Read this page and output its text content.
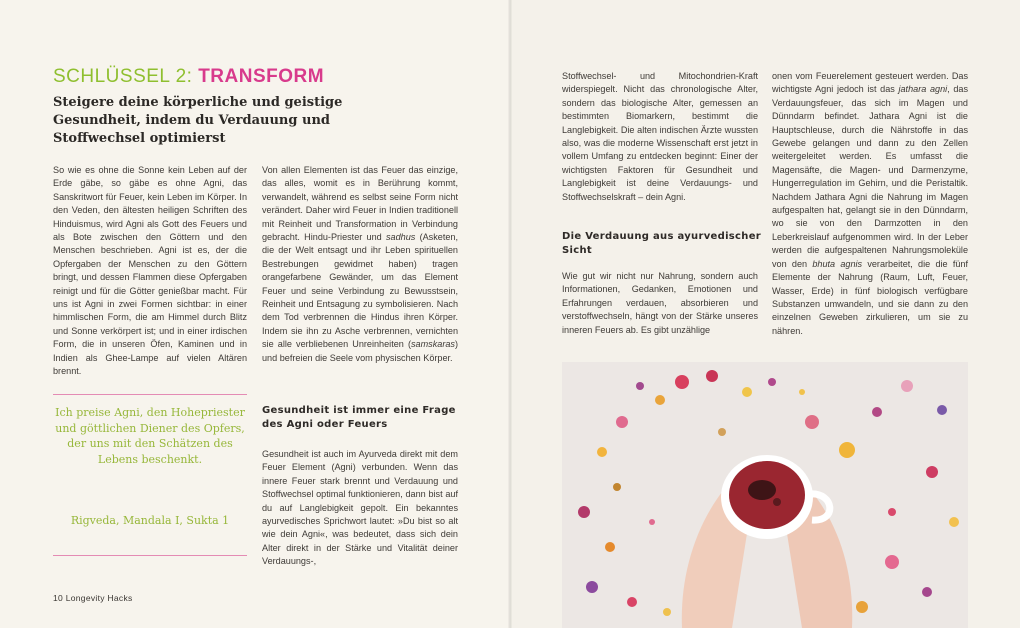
SCHLÜSSEL 2: TRANSFORM
Steigere deine körperliche und geistige Gesundheit, indem du Verdauung und Stoffwechsel optimierst

So wie es ohne die Sonne kein Leben auf der Erde gäbe, so gäbe es ohne Agni, das Sanskritwort für Feuer, kein Leben im Körper. In den Veden, den ältesten heiligen Schriften des Hinduismus, wird Agni als Gott des Feuers und als Bote zwischen den Göttern und den Menschen beschrieben. Agni ist es, der die Opfergaben der Menschen zu den Göttern bringt, und dessen Flammen diese Opfergaben reinigt und für die Götter genießbar macht. Für uns ist Agni in zwei Formen sichtbar: in einer himmlischen Form, die am Himmel durch Blitz und Sonne verkörpert ist; und in einer irdischen Form, die in unseren Öfen, Kaminen und in Indien als Ghee-Lampe auf vielen Altären brennt.

Von allen Elementen ist das Feuer das einzige, das alles, womit es in Berührung kommt, verwandelt, während es selbst seine Form nicht verändert. Daher wird Feuer in Indien traditionell mit Reinheit und Transformation in Verbindung gebracht. Hindu-Priester und sadhus (Asketen, die der Welt entsagt und ihr Leben spirituellen Bestrebungen gewidmet haben) tragen orangefarbene Gewänder, um das Element Feuer und seine Verbindung zu Bewusstsein, Reinheit und Entsagung zu symbolisieren. Nach dem Tod verbrennen die Hindus ihren Körper. Indem sie ihn zu Asche verbrennen, vernichten sie alle verbliebenen Unreinheiten (samskaras) und befreien die Seele vom physischen Körper.

Gesundheit ist immer eine Frage des Agni oder Feuers

Gesundheit ist auch im Ayurveda direkt mit dem Feuer Element (Agni) verbunden. Wenn das innere Feuer stark brennt und Verdauung und Stoffwechsel optimal funktionieren, dann bist auf du auf Langlebigkeit gepolt. Ein bekanntes ayurvedisches Sprichwort lautet: »Du bist so alt wie dein Agni«, was bedeutet, dass sich dein Alter direkt in der Stärke und Vitalität deiner Verdauungs-,

Ich preise Agni, den Hohepriester und göttlichen Diener des Opfers, der uns mit den Schätzen des Lebens beschenkt.
Rigveda, Mandala I, Sukta 1
10 Longevity Hacks

Stoffwechsel- und Mitochondrien-Kraft widerspiegelt. Nicht das chronologische Alter, sondern das biologische Alter, gemessen an bestimmten Biomarkern, bestimmt die Langlebigkeit. Die alten indischen Ärzte wussten also, was die moderne Wissenschaft erst jetzt in vollem Umfang zu entdecken beginnt: Einer der wichtigsten Faktoren für Gesundheit und Langlebigkeit ist deine Verdauungs- und Stoffwechselskraft – dein Agni.

Die Verdauung aus ayurvedischer Sicht

Wie gut wir nicht nur Nahrung, sondern auch Informationen, Gedanken, Emotionen und Erfahrungen verdauen, absorbieren und verstoffwechseln, hängt von der Stärke unseres inneren Feuers ab. Es gibt unzählige

onen vom Feuerelement gesteuert werden. Das wichtigste Agni jedoch ist das jathara agni, das Verdauungsfeuer, das sich im Magen und Dünndarm befindet. Jathara Agni ist die Hauptschleuse, durch die Nährstoffe in das Gewebe gelangen und dann zu den Zellen weitergeleitet werden. Es umfasst die Magensäfte, die Magen- und Darmenzyme, Hungerregulation im Gehirn, und die Peristaltik. Nachdem Jathara Agni die Nahrung im Magen aufgespalten hat, gelangt sie in den Dünndarm, wo sie von den Darmzotten in den Leberkreislauf aufgenommen wird. In der Leber werden die aufgespaltenen Nahrungsmoleküle von den bhuta agnis verarbeitet, die die fünf Elemente der Nahrung (Raum, Luft, Feuer, Wasser, Erde) in fünf biologisch verfügbare Substanzen umwandeln, und sie dann zu den einzelnen Geweben zirkulieren, um sie zu nähren.
